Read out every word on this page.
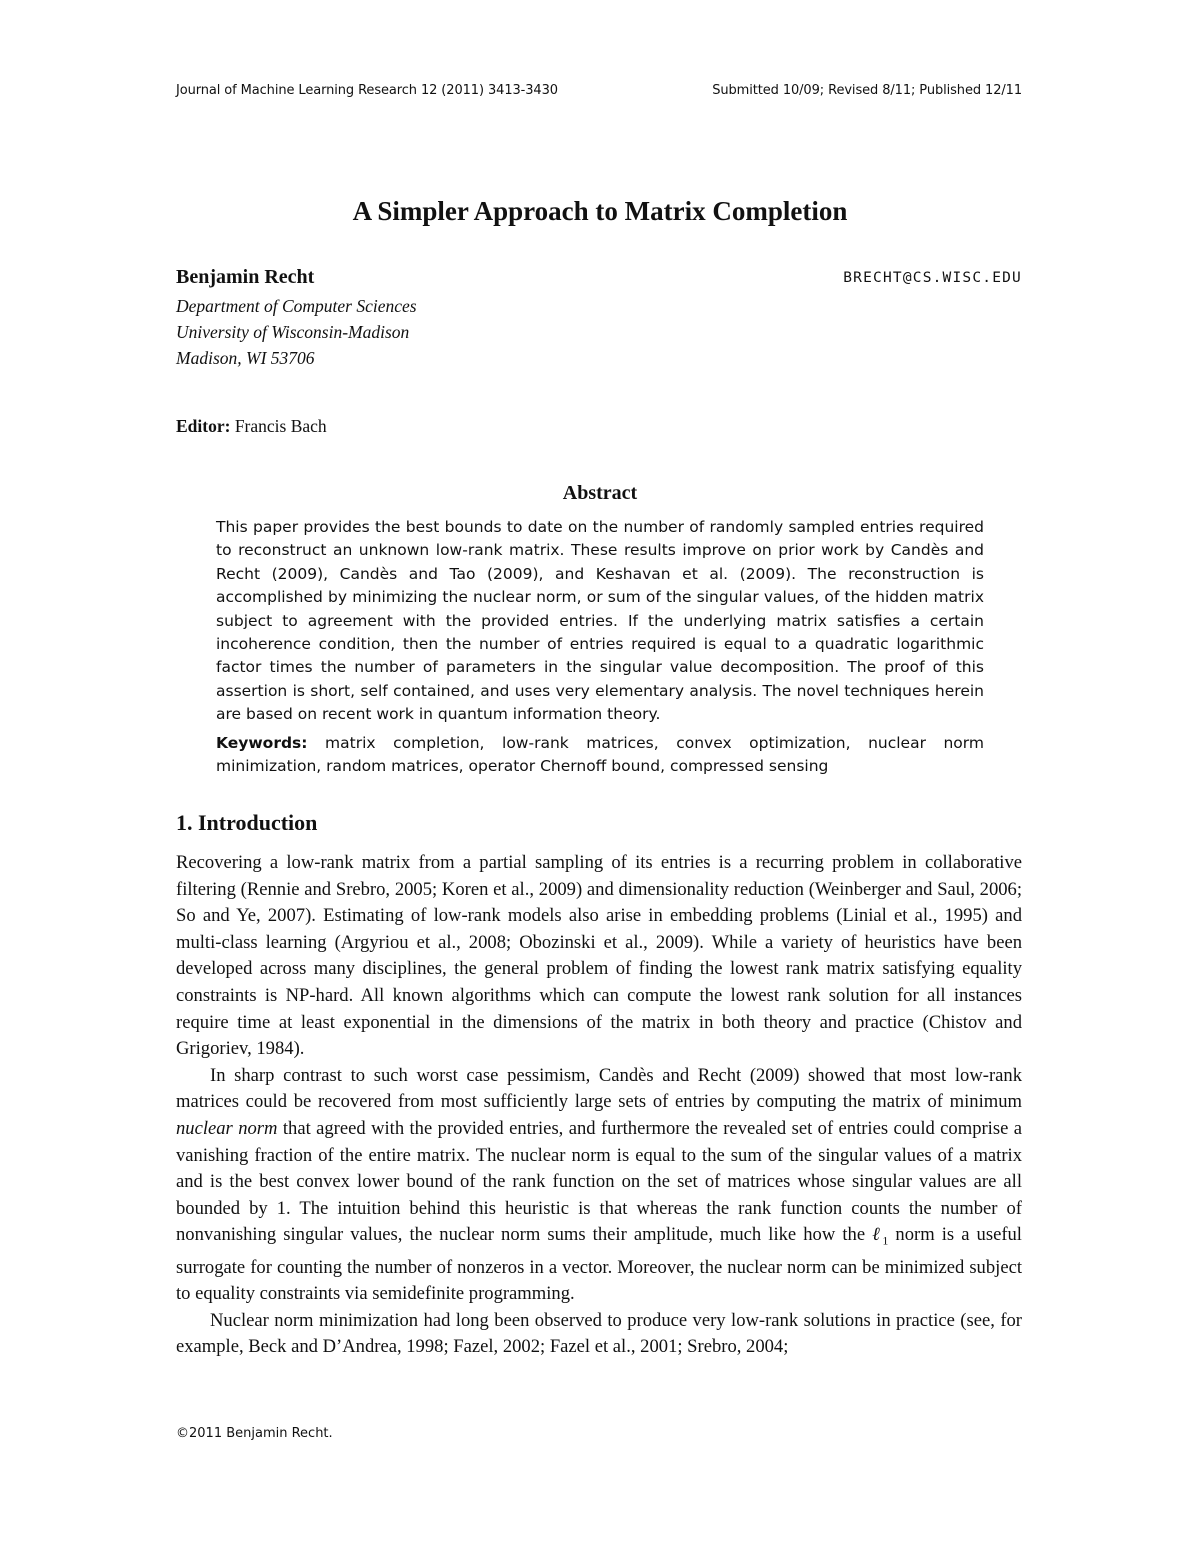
Journal of Machine Learning Research 12 (2011) 3413-3430	Submitted 10/09; Revised 8/11; Published 12/11
A Simpler Approach to Matrix Completion
Benjamin Recht	BRECHT@CS.WISC.EDU
Department of Computer Sciences
University of Wisconsin-Madison
Madison, WI 53706
Editor: Francis Bach
Abstract

This paper provides the best bounds to date on the number of randomly sampled entries required to reconstruct an unknown low-rank matrix. These results improve on prior work by Candès and Recht (2009), Candès and Tao (2009), and Keshavan et al. (2009). The reconstruction is accomplished by minimizing the nuclear norm, or sum of the singular values, of the hidden matrix subject to agreement with the provided entries. If the underlying matrix satisfies a certain incoherence condition, then the number of entries required is equal to a quadratic logarithmic factor times the number of parameters in the singular value decomposition. The proof of this assertion is short, self contained, and uses very elementary analysis. The novel techniques herein are based on recent work in quantum information theory.

Keywords: matrix completion, low-rank matrices, convex optimization, nuclear norm minimization, random matrices, operator Chernoff bound, compressed sensing
1. Introduction

Recovering a low-rank matrix from a partial sampling of its entries is a recurring problem in collaborative filtering (Rennie and Srebro, 2005; Koren et al., 2009) and dimensionality reduction (Weinberger and Saul, 2006; So and Ye, 2007). Estimating of low-rank models also arise in embedding problems (Linial et al., 1995) and multi-class learning (Argyriou et al., 2008; Obozinski et al., 2009). While a variety of heuristics have been developed across many disciplines, the general problem of finding the lowest rank matrix satisfying equality constraints is NP-hard. All known algorithms which can compute the lowest rank solution for all instances require time at least exponential in the dimensions of the matrix in both theory and practice (Chistov and Grigoriev, 1984).

In sharp contrast to such worst case pessimism, Candès and Recht (2009) showed that most low-rank matrices could be recovered from most sufficiently large sets of entries by computing the matrix of minimum nuclear norm that agreed with the provided entries, and furthermore the revealed set of entries could comprise a vanishing fraction of the entire matrix. The nuclear norm is equal to the sum of the singular values of a matrix and is the best convex lower bound of the rank function on the set of matrices whose singular values are all bounded by 1. The intuition behind this heuristic is that whereas the rank function counts the number of nonvanishing singular values, the nuclear norm sums their amplitude, much like how the ℓ$_1$ norm is a useful surrogate for counting the number of nonzeros in a vector. Moreover, the nuclear norm can be minimized subject to equality constraints via semidefinite programming.

Nuclear norm minimization had long been observed to produce very low-rank solutions in practice (see, for example, Beck and D’Andrea, 1998; Fazel, 2002; Fazel et al., 2001; Srebro, 2004;

©2011 Benjamin Recht.
